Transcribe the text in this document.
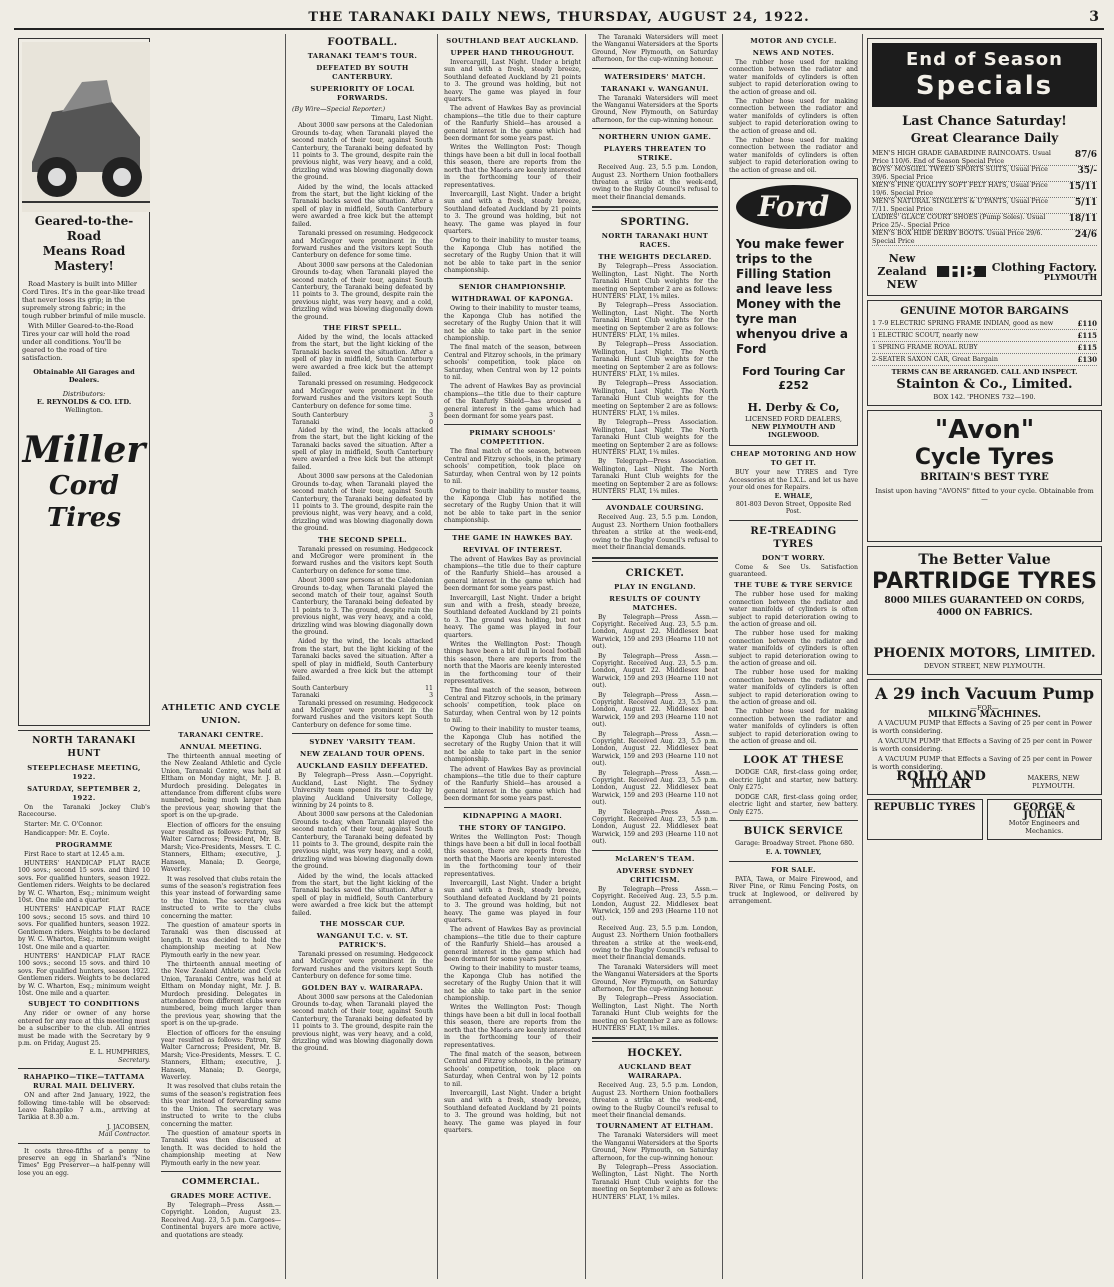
THE TARANAKI DAILY NEWS, THURSDAY, AUGUST 24, 1922.	3
Geared-to-the-Road
Means Road Mastery!

Road Mastery is built into Miller Cord Tires. It's in the gear-like tread that never loses its grip; in the supremely strong fabric; in the tough rubber brimful of mile muscle.

With Miller Geared-to-the-Road Tires your car will hold the road under all conditions. You'll be geared to the road of tire satisfaction.

Obtainable All Garages and Dealers.
Distributors:
E. REYNOLDS & CO. LTD.
Wellington.
Miller
Cord Tires
NORTH TARANAKI HUNT
STEEPLECHASE MEETING, 1922.
SATURDAY, SEPTEMBER 2, 1922.

On the Taranaki Jockey Club's Racecourse.

Starter: Mr. C. O'Connor.

Handicapper: Mr. E. Coyle.

PROGRAMME

First Race to start at 12.45 a.m.

HUNTERS' HANDICAP FLAT RACE 100 sovs.; second 15 sovs. and third 10 sovs. For qualified hunters, season 1922. Gentlemen riders. Weights to be declared by W. C. Wharton, Esq.; minimum weight 10st. One mile and a quarter.

HUNTERS' HANDICAP FLAT RACE 100 sovs.; second 15 sovs. and third 10 sovs. For qualified hunters, season 1922. Gentlemen riders. Weights to be declared by W. C. Wharton, Esq.; minimum weight 10st. One mile and a quarter.

HUNTERS' HANDICAP FLAT RACE 100 sovs.; second 15 sovs. and third 10 sovs. For qualified hunters, season 1922. Gentlemen riders. Weights to be declared by W. C. Wharton, Esq.; minimum weight 10st. One mile and a quarter.

SUBJECT TO CONDITIONS

Any rider or owner of any horse entered for any race at this meeting must be a subscriber to the club. All entries must be made with the Secretary by 9 p.m. on Friday, August 25.

E. L. HUMPHRIES,
Secretary.
RAHAPIKO—TIKE—TATTAMA RURAL MAIL DELIVERY.

ON and after 2nd January, 1922, the following time-table will be observed: Leave Rahapiko 7 a.m., arriving at Tarikia at 8.30 a.m.

J. JACOBSEN,
Mail Contractor.

It costs three-fifths of a penny to preserve an egg in Sharland's "Nine Times" Egg Preserver—a half-penny will lose you an egg.

ATHLETIC AND CYCLE UNION.
TARANAKI CENTRE.
ANNUAL MEETING.

The thirteenth annual meeting of the New Zealand Athletic and Cycle Union, Taranaki Centre, was held at Eltham on Monday night, Mr. J. B. Murdoch presiding. Delegates in attendance from different clubs were numbered, being much larger than the previous year, showing that the sport is on the up-grade.

Election of officers for the ensuing year resulted as follows: Patron, Sir Walter Carncross; President, Mr. B. Marsh; Vice-Presidents, Messrs. T. C. Stanners, Eltham; executive, J. Hansen, Manaia; D. George, Waverley.

It was resolved that clubs retain the sums of the season's registration fees this year instead of forwarding same to the Union. The secretary was instructed to write to the clubs concerning the matter.

The question of amateur sports in Taranaki was then discussed at length. It was decided to hold the championship meeting at New Plymouth early in the new year.

The thirteenth annual meeting of the New Zealand Athletic and Cycle Union, Taranaki Centre, was held at Eltham on Monday night, Mr. J. B. Murdoch presiding. Delegates in attendance from different clubs were numbered, being much larger than the previous year, showing that the sport is on the up-grade.

Election of officers for the ensuing year resulted as follows: Patron, Sir Walter Carncross; President, Mr. B. Marsh; Vice-Presidents, Messrs. T. C. Stanners, Eltham; executive, J. Hansen, Manaia; D. George, Waverley.

It was resolved that clubs retain the sums of the season's registration fees this year instead of forwarding same to the Union. The secretary was instructed to write to the clubs concerning the matter.

The question of amateur sports in Taranaki was then discussed at length. It was decided to hold the championship meeting at New Plymouth early in the new year.

COMMERCIAL.
GRADES MORE ACTIVE.

By Telegraph—Press Assn.—Copyright. London, August 23. Received Aug. 23, 5.5 p.m. Cargoes—Continental buyers are more active, and quotations are steady.

FOOTBALL.
TARANAKI TEAM'S TOUR.
DEFEATED BY SOUTH CANTERBURY.
SUPERIORITY OF LOCAL FORWARDS.
(By Wire—Special Reporter.)
Timaru, Last Night.

About 3000 saw persons at the Caledonian Grounds to-day, when Taranaki played the second match of their tour, against South Canterbury, the Taranaki being defeated by 11 points to 3. The ground, despite rain the previous night, was very heavy, and a cold, drizzling wind was blowing diagonally down the ground.

Aided by the wind, the locals attacked from the start, but the light kicking of the Taranaki backs saved the situation. After a spell of play in midfield, South Canterbury were awarded a free kick but the attempt failed.

Taranaki pressed on resuming. Hedgecock and McGregor were prominent in the forward rushes and the visitors kept South Canterbury on defence for some time.

About 3000 saw persons at the Caledonian Grounds to-day, when Taranaki played the second match of their tour, against South Canterbury, the Taranaki being defeated by 11 points to 3. The ground, despite rain the previous night, was very heavy, and a cold, drizzling wind was blowing diagonally down the ground.

THE FIRST SPELL.

Aided by the wind, the locals attacked from the start, but the light kicking of the Taranaki backs saved the situation. After a spell of play in midfield, South Canterbury were awarded a free kick but the attempt failed.

Taranaki pressed on resuming. Hedgecock and McGregor were prominent in the forward rushes and the visitors kept South Canterbury on defence for some time.

South Canterbury	3
Taranaki	0

Aided by the wind, the locals attacked from the start, but the light kicking of the Taranaki backs saved the situation. After a spell of play in midfield, South Canterbury were awarded a free kick but the attempt failed.

About 3000 saw persons at the Caledonian Grounds to-day, when Taranaki played the second match of their tour, against South Canterbury, the Taranaki being defeated by 11 points to 3. The ground, despite rain the previous night, was very heavy, and a cold, drizzling wind was blowing diagonally down the ground.

THE SECOND SPELL.

Taranaki pressed on resuming. Hedgecock and McGregor were prominent in the forward rushes and the visitors kept South Canterbury on defence for some time.

About 3000 saw persons at the Caledonian Grounds to-day, when Taranaki played the second match of their tour, against South Canterbury, the Taranaki being defeated by 11 points to 3. The ground, despite rain the previous night, was very heavy, and a cold, drizzling wind was blowing diagonally down the ground.

Aided by the wind, the locals attacked from the start, but the light kicking of the Taranaki backs saved the situation. After a spell of play in midfield, South Canterbury were awarded a free kick but the attempt failed.

South Canterbury	11
Taranaki	3

Taranaki pressed on resuming. Hedgecock and McGregor were prominent in the forward rushes and the visitors kept South Canterbury on defence for some time.

SYDNEY 'VARSITY TEAM.
NEW ZEALAND TOUR OPENS.
AUCKLAND EASILY DEFEATED.

By Telegraph—Press Assn.—Copyright. Auckland, Last Night. The Sydney University team opened its tour to-day by playing Auckland University College, winning by 24 points to 8.

About 3000 saw persons at the Caledonian Grounds to-day, when Taranaki played the second match of their tour, against South Canterbury, the Taranaki being defeated by 11 points to 3. The ground, despite rain the previous night, was very heavy, and a cold, drizzling wind was blowing diagonally down the ground.

Aided by the wind, the locals attacked from the start, but the light kicking of the Taranaki backs saved the situation. After a spell of play in midfield, South Canterbury were awarded a free kick but the attempt failed.

THE MOSSCAR CUP.
WANGANUI T.C. v. ST. PATRICK'S.

Taranaki pressed on resuming. Hedgecock and McGregor were prominent in the forward rushes and the visitors kept South Canterbury on defence for some time.

GOLDEN BAY v. WAIRARAPA.

About 3000 saw persons at the Caledonian Grounds to-day, when Taranaki played the second match of their tour, against South Canterbury, the Taranaki being defeated by 11 points to 3. The ground, despite rain the previous night, was very heavy, and a cold, drizzling wind was blowing diagonally down the ground.

SOUTHLAND BEAT AUCKLAND.
UPPER HAND THROUGHOUT.

Invercargill, Last Night. Under a bright sun and with a fresh, steady breeze, Southland defeated Auckland by 21 points to 3. The ground was holding, but not heavy. The game was played in four quarters.

The advent of Hawkes Bay as provincial champions—the title due to their capture of the Ranfurly Shield—has aroused a general interest in the game which had been dormant for some years past.

Writes the Wellington Post: Though things have been a bit dull in local football this season, there are reports from the north that the Maoris are keenly interested in the forthcoming tour of their representatives.

Invercargill, Last Night. Under a bright sun and with a fresh, steady breeze, Southland defeated Auckland by 21 points to 3. The ground was holding, but not heavy. The game was played in four quarters.

Owing to their inability to muster teams, the Kaponga Club has notified the secretary of the Rugby Union that it will not be able to take part in the senior championship.

SENIOR CHAMPIONSHIP.
WITHDRAWAL OF KAPONGA.

Owing to their inability to muster teams, the Kaponga Club has notified the secretary of the Rugby Union that it will not be able to take part in the senior championship.

The final match of the season, between Central and Fitzroy schools, in the primary schools' competition, took place on Saturday, when Central won by 12 points to nil.

The advent of Hawkes Bay as provincial champions—the title due to their capture of the Ranfurly Shield—has aroused a general interest in the game which had been dormant for some years past.

PRIMARY SCHOOLS' COMPETITION.

The final match of the season, between Central and Fitzroy schools, in the primary schools' competition, took place on Saturday, when Central won by 12 points to nil.

Owing to their inability to muster teams, the Kaponga Club has notified the secretary of the Rugby Union that it will not be able to take part in the senior championship.

THE GAME IN HAWKES BAY.
REVIVAL OF INTEREST.

The advent of Hawkes Bay as provincial champions—the title due to their capture of the Ranfurly Shield—has aroused a general interest in the game which had been dormant for some years past.

Invercargill, Last Night. Under a bright sun and with a fresh, steady breeze, Southland defeated Auckland by 21 points to 3. The ground was holding, but not heavy. The game was played in four quarters.

Writes the Wellington Post: Though things have been a bit dull in local football this season, there are reports from the north that the Maoris are keenly interested in the forthcoming tour of their representatives.

The final match of the season, between Central and Fitzroy schools, in the primary schools' competition, took place on Saturday, when Central won by 12 points to nil.

Owing to their inability to muster teams, the Kaponga Club has notified the secretary of the Rugby Union that it will not be able to take part in the senior championship.

The advent of Hawkes Bay as provincial champions—the title due to their capture of the Ranfurly Shield—has aroused a general interest in the game which had been dormant for some years past.

KIDNAPPING A MAORI.
THE STORY OF TANGIPO.

Writes the Wellington Post: Though things have been a bit dull in local football this season, there are reports from the north that the Maoris are keenly interested in the forthcoming tour of their representatives.

Invercargill, Last Night. Under a bright sun and with a fresh, steady breeze, Southland defeated Auckland by 21 points to 3. The ground was holding, but not heavy. The game was played in four quarters.

The advent of Hawkes Bay as provincial champions—the title due to their capture of the Ranfurly Shield—has aroused a general interest in the game which had been dormant for some years past.

Owing to their inability to muster teams, the Kaponga Club has notified the secretary of the Rugby Union that it will not be able to take part in the senior championship.

Writes the Wellington Post: Though things have been a bit dull in local football this season, there are reports from the north that the Maoris are keenly interested in the forthcoming tour of their representatives.

The final match of the season, between Central and Fitzroy schools, in the primary schools' competition, took place on Saturday, when Central won by 12 points to nil.

Invercargill, Last Night. Under a bright sun and with a fresh, steady breeze, Southland defeated Auckland by 21 points to 3. The ground was holding, but not heavy. The game was played in four quarters.

The Taranaki Watersiders will meet the Wanganui Watersiders at the Sports Ground, New Plymouth, on Saturday afternoon, for the cup-winning honour.

WATERSIDERS' MATCH.
TARANAKI v. WANGANUI.

The Taranaki Watersiders will meet the Wanganui Watersiders at the Sports Ground, New Plymouth, on Saturday afternoon, for the cup-winning honour.

NORTHERN UNION GAME.
PLAYERS THREATEN TO STRIKE.

Received Aug. 23, 5.5 p.m. London, August 23. Northern Union footballers threaten a strike at the week-end, owing to the Rugby Council's refusal to meet their financial demands.

SPORTING.
NORTH TARANAKI HUNT RACES.
THE WEIGHTS DECLARED.

By Telegraph—Press Association. Wellington, Last Night. The North Taranaki Hunt Club weights for the meeting on September 2 are as follows: HUNTERS' FLAT, 1¼ miles.

By Telegraph—Press Association. Wellington, Last Night. The North Taranaki Hunt Club weights for the meeting on September 2 are as follows: HUNTERS' FLAT, 1¼ miles.

By Telegraph—Press Association. Wellington, Last Night. The North Taranaki Hunt Club weights for the meeting on September 2 are as follows: HUNTERS' FLAT, 1¼ miles.

By Telegraph—Press Association. Wellington, Last Night. The North Taranaki Hunt Club weights for the meeting on September 2 are as follows: HUNTERS' FLAT, 1¼ miles.

By Telegraph—Press Association. Wellington, Last Night. The North Taranaki Hunt Club weights for the meeting on September 2 are as follows: HUNTERS' FLAT, 1¼ miles.

By Telegraph—Press Association. Wellington, Last Night. The North Taranaki Hunt Club weights for the meeting on September 2 are as follows: HUNTERS' FLAT, 1¼ miles.

AVONDALE COURSING.

Received Aug. 23, 5.5 p.m. London, August 23. Northern Union footballers threaten a strike at the week-end, owing to the Rugby Council's refusal to meet their financial demands.

CRICKET.
PLAY IN ENGLAND.
RESULTS OF COUNTY MATCHES.

By Telegraph—Press Assn.—Copyright. Received Aug. 23, 5.5 p.m. London, August 22. Middlesex beat Warwick, 159 and 293 (Hearne 110 not out).

By Telegraph—Press Assn.—Copyright. Received Aug. 23, 5.5 p.m. London, August 22. Middlesex beat Warwick, 159 and 293 (Hearne 110 not out).

By Telegraph—Press Assn.—Copyright. Received Aug. 23, 5.5 p.m. London, August 22. Middlesex beat Warwick, 159 and 293 (Hearne 110 not out).

By Telegraph—Press Assn.—Copyright. Received Aug. 23, 5.5 p.m. London, August 22. Middlesex beat Warwick, 159 and 293 (Hearne 110 not out).

By Telegraph—Press Assn.—Copyright. Received Aug. 23, 5.5 p.m. London, August 22. Middlesex beat Warwick, 159 and 293 (Hearne 110 not out).

By Telegraph—Press Assn.—Copyright. Received Aug. 23, 5.5 p.m. London, August 22. Middlesex beat Warwick, 159 and 293 (Hearne 110 not out).

McLAREN'S TEAM.
ADVERSE SYDNEY CRITICISM.

By Telegraph—Press Assn.—Copyright. Received Aug. 23, 5.5 p.m. London, August 22. Middlesex beat Warwick, 159 and 293 (Hearne 110 not out).

Received Aug. 23, 5.5 p.m. London, August 23. Northern Union footballers threaten a strike at the week-end, owing to the Rugby Council's refusal to meet their financial demands.

The Taranaki Watersiders will meet the Wanganui Watersiders at the Sports Ground, New Plymouth, on Saturday afternoon, for the cup-winning honour.

By Telegraph—Press Association. Wellington, Last Night. The North Taranaki Hunt Club weights for the meeting on September 2 are as follows: HUNTERS' FLAT, 1¼ miles.

HOCKEY.
AUCKLAND BEAT WAIRARAPA.

Received Aug. 23, 5.5 p.m. London, August 23. Northern Union footballers threaten a strike at the week-end, owing to the Rugby Council's refusal to meet their financial demands.

TOURNAMENT AT ELTHAM.

The Taranaki Watersiders will meet the Wanganui Watersiders at the Sports Ground, New Plymouth, on Saturday afternoon, for the cup-winning honour.

By Telegraph—Press Association. Wellington, Last Night. The North Taranaki Hunt Club weights for the meeting on September 2 are as follows: HUNTERS' FLAT, 1¼ miles.

MOTOR AND CYCLE.
NEWS AND NOTES.

The rubber hose used for making connection between the radiator and water manifolds of cylinders is often subject to rapid deterioration owing to the action of grease and oil.

The rubber hose used for making connection between the radiator and water manifolds of cylinders is often subject to rapid deterioration owing to the action of grease and oil.

The rubber hose used for making connection between the radiator and water manifolds of cylinders is often subject to rapid deterioration owing to the action of grease and oil.

Ford
You make fewer trips to the Filling Station and leave less Money with the tyre man whenyou drive a Ford
Ford Touring Car £252
H. Derby & Co,
LICENSED FORD DEALERS,
NEW PLYMOUTH AND INGLEWOOD.
CHEAP MOTORING AND HOW TO GET IT.

BUY your new TYRES and Tyre Accessories at the I.X.L. and let us have your old ones for Repairs.

E. WHALE,
801-803 Devon Street, Opposite Red Post.
RE-TREADING TYRES
DON'T WORRY.

Come & See Us. Satisfaction guaranteed.

THE TUBE & TYRE SERVICE

The rubber hose used for making connection between the radiator and water manifolds of cylinders is often subject to rapid deterioration owing to the action of grease and oil.

The rubber hose used for making connection between the radiator and water manifolds of cylinders is often subject to rapid deterioration owing to the action of grease and oil.

The rubber hose used for making connection between the radiator and water manifolds of cylinders is often subject to rapid deterioration owing to the action of grease and oil.

The rubber hose used for making connection between the radiator and water manifolds of cylinders is often subject to rapid deterioration owing to the action of grease and oil.

LOOK AT THESE

DODGE CAR, first-class going order, electric light and starter, new battery. Only £275.

DODGE CAR, first-class going order, electric light and starter, new battery. Only £275.

BUICK SERVICE

Garage: Broadway Street. Phone 680.

E. A. TOWNLEY,
FOR SALE.

PATA, Tawa, or Maire Firewood, and River Pine, or Rimu Fencing Posts, on truck at Inglewood, or delivered by arrangement.

End of Season
Specials
Last Chance Saturday!
Great Clearance Daily
MEN'S HIGH GRADE GABARDINE RAINCOATS. Usual Price 110/6. End of Season Special Price
87/6
BOYS' MOSGIEL TWEED SPORTS SUITS, Usual Price 39/6. Special Price
35/-
MEN'S FINE QUALITY SOFT FELT HATS, Usual Price 19/6. Special Price
15/11
MEN'S NATURAL SINGLETS & U'PANTS, Usual Price 7/11. Special Price
5/11
LADIES' GLACE COURT SHOES (Pump Soles). Usual Price 25/-. Special Price
18/11
MEN'S BOX HIDE DERBY BOOTS. Usual Price 29/6. Special Price
24/6
New Zealand NEW
HB	Clothing Factory.
PLYMOUTH
GENUINE MOTOR BARGAINS
1 7-9 ELECTRIC SPRING FRAME INDIAN, good as new	£110
1 ELECTRIC SCOUT, nearly new	£115
1 SPRING FRAME ROYAL RUBY	£115
2-SEATER SAXON CAR, Great Bargain	£130
TERMS CAN BE ARRANGED. CALL AND INSPECT.
Stainton & Co., Limited.
BOX 142. 'PHONES 732—190.
"Avon"
Cycle Tyres
BRITAIN'S BEST TYRE
Insist upon having "AVONS" fitted to your cycle. Obtainable from—
The Better Value
PARTRIDGE TYRES
8000 MILES GUARANTEED ON CORDS,
4000 ON FABRICS.
PHOENIX MOTORS, LIMITED.
DEVON STREET, NEW PLYMOUTH.
A 29 inch Vacuum Pump
—FOR—
MILKING MACHINES.

A VACUUM PUMP that Effects a Saving of 25 per cent in Power is worth considering.

A VACUUM PUMP that Effects a Saving of 25 per cent in Power is worth considering.

A VACUUM PUMP that Effects a Saving of 25 per cent in Power is worth considering.

ROLLO AND MILLAR	MAKERS, NEW PLYMOUTH.
REPUBLIC TYRES	GEORGE & JULIAN
Motor Engineers and Mechanics.
